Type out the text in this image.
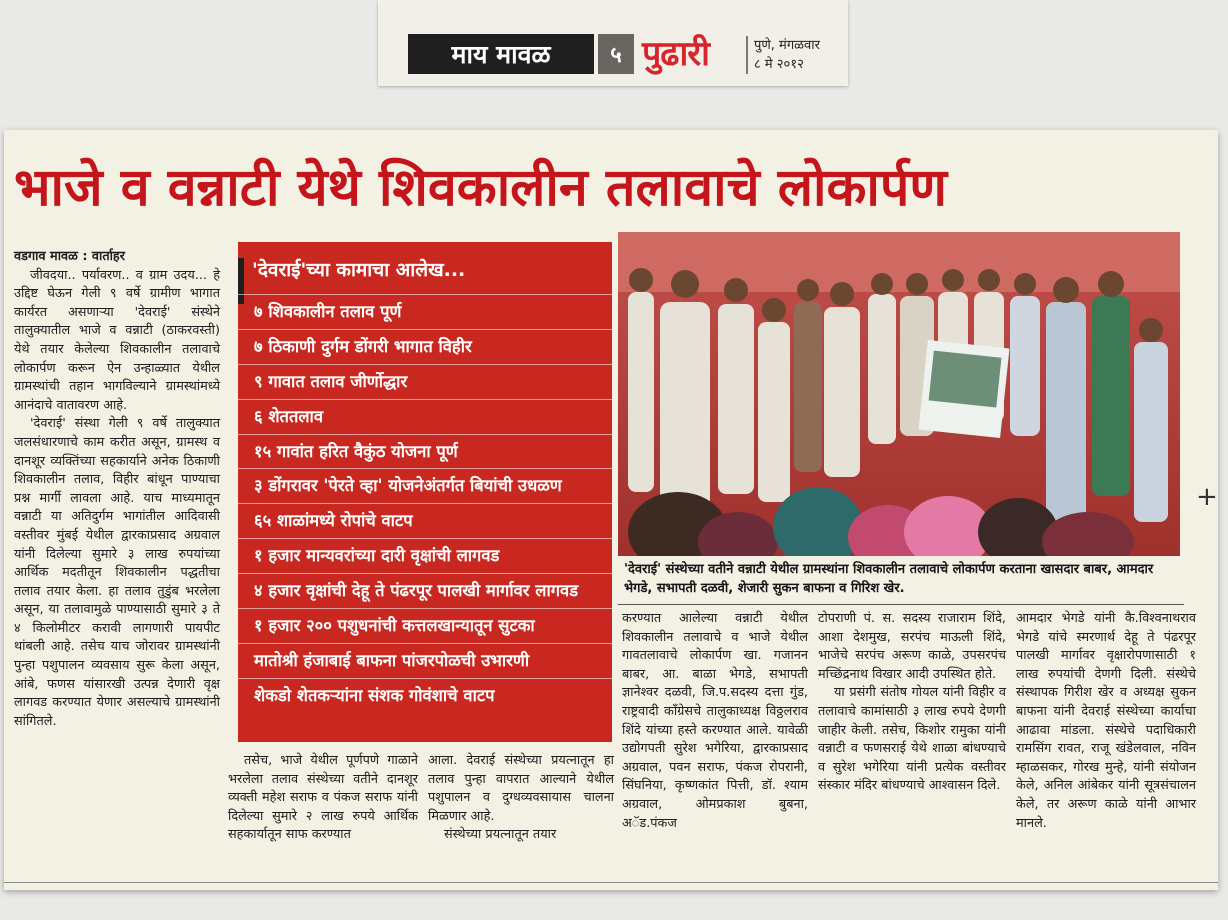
माय मावळ	५ पुढारी	पुणे, मंगळवार
८ मे २०१२
भाजे व वन्नाटी येथे शिवकालीन तलावाचे लोकार्पण
वडगाव मावळ : वार्ताहर

जीवदया.. पर्यावरण.. व ग्राम उदय... हे उद्दिष्ट घेऊन गेली ९ वर्षे ग्रामीण भागात कार्यरत असणाऱ्या 'देवराई' संस्थेने तालुक्यातील भाजे व वन्नाटी (ठाकरवस्ती) येथे तयार केलेल्या शिवकालीन तलावाचे लोकार्पण करून ऐन उन्हाळ्यात येथील ग्रामस्थांची तहान भागविल्याने ग्रामस्थांमध्ये आनंदाचे वातावरण आहे.

'देवराई' संस्था गेली ९ वर्षे तालुक्यात जलसंधारणाचे काम करीत असून, ग्रामस्थ व दानशूर व्यक्तिंच्या सहकार्याने अनेक ठिकाणी शिवकालीन तलाव, विहीर बांधून पाण्याचा प्रश्न मार्गी लावला आहे. याच माध्यमातून वन्नाटी या अतिदुर्गम भागांतील आदिवासी वस्तीवर मुंबई येथील द्वारकाप्रसाद अग्रवाल यांनी दिलेल्या सुमारे ३ लाख रुपयांच्या आर्थिक मदतीतून शिवकालीन पद्धतीचा तलाव तयार केला. हा तलाव तुडुंब भरलेला असून, या तलावामुळे पाण्यासाठी सुमारे ३ ते ४ किलोमीटर करावी लागणारी पायपीट थांबली आहे. तसेच याच जोरावर ग्रामस्थांनी पुन्हा पशुपालन व्यवसाय सुरू केला असून, आंबे, फणस यांसारखी उत्पन्न देणारी वृक्ष लागवड करण्यात येणार असल्याचे ग्रामस्थांनी सांगितले.

'देवराई'च्या कामाचा आलेख...
७ शिवकालीन तलाव पूर्ण
७ ठिकाणी दुर्गम डोंगरी भागात विहीर
९ गावात तलाव जीर्णोद्धार
६ शेततलाव
१५ गावांत हरित वैकुंठ योजना पूर्ण
३ डोंगरावर 'पेरते व्हा' योजनेअंतर्गत बियांची उधळण
६५ शाळांमध्ये रोपांचे वाटप
१ हजार मान्यवरांच्या दारी वृक्षांची लागवड
४ हजार वृक्षांची देहू ते पंढरपूर पालखी मार्गावर लागवड
१ हजार २०० पशुधनांची कत्तलखान्यातून सुटका
मातोश्री हंजाबाई बाफना पांजरपोळची उभारणी
शेकडो शेतकऱ्यांना संशक गोवंशाचे वाटप

तसेच, भाजे येथील पूर्णपणे गाळाने भरलेला तलाव संस्थेच्या वतीने दानशूर व्यक्ती महेश सराफ व पंकज सराफ यांनी दिलेल्या सुमारे २ लाख रुपये आर्थिक सहकार्यातून साफ करण्यात

आला. देवराई संस्थेच्या प्रयत्नातून हा तलाव पुन्हा वापरात आल्याने येथील पशुपालन व दुग्धव्यवसायास चालना मिळणार आहे.

संस्थेच्या प्रयत्नातून तयार

'देवराई' संस्थेच्या वतीने वन्नाटी येथील ग्रामस्थांना शिवकालीन तलावाचे लोकार्पण करताना खासदार बाबर, आमदार भेगडे, सभापती दळवी, शेजारी सुकन बाफना व गिरिश खेर.

करण्यात आलेल्या वन्नाटी येथील शिवकालीन तलावाचे व भाजे येथील गावतलावाचे लोकार्पण खा. गजानन बाबर, आ. बाळा भेगडे, सभापती ज्ञानेश्वर दळवी, जि.प.सदस्य दत्ता गुंड, राष्ट्रवादी काँग्रेसचे तालुकाध्यक्ष विठ्ठलराव शिंदे यांच्या हस्ते करण्यात आले. यावेळी उद्योगपती सुरेश भगेरिया, द्वारकाप्रसाद अग्रवाल, पवन सराफ, पंकज रोपरानी, सिंघनिया, कृष्णकांत पित्ती, डॉ. श्याम अग्रवाल, ओमप्रकाश बुबना, अॅड.पंकज

टोपराणी पं. स. सदस्य राजाराम शिंदे, आशा देशमुख, सरपंच माऊली शिंदे, भाजेचे सरपंच अरूण काळे, उपसरपंच मच्छिंद्रनाथ विखार आदी उपस्थित होते.

या प्रसंगी संतोष गोयल यांनी विहीर व तलावाचे कामांसाठी ३ लाख रुपये देणगी जाहीर केली. तसेच, किशोर रामुका यांनी वन्नाटी व फणसराई येथे शाळा बांधण्याचे व सुरेश भगेरिया यांनी प्रत्येक वस्तीवर संस्कार मंदिर बांधण्याचे आश्वासन दिले.

आमदार भेगडे यांनी कै.विश्वनाथराव भेगडे यांचे स्मरणार्थ देहू ते पंढरपूर पालखी मार्गावर वृक्षारोपणासाठी १ लाख रुपयांची देणगी दिली. संस्थेचे संस्थापक गिरीश खेर व अध्यक्ष सुकन बाफना यांनी देवराई संस्थेच्या कार्याचा आढावा मांडला. संस्थेचे पदाधिकारी रामसिंग रावत, राजू खंडेलवाल, नविन म्हाळसकर, गोरख मुन्हे, यांनी संयोजन केले, अनिल आंबेकर यांनी सूत्रसंचालन केले, तर अरूण काळे यांनी आभार मानले.

+
